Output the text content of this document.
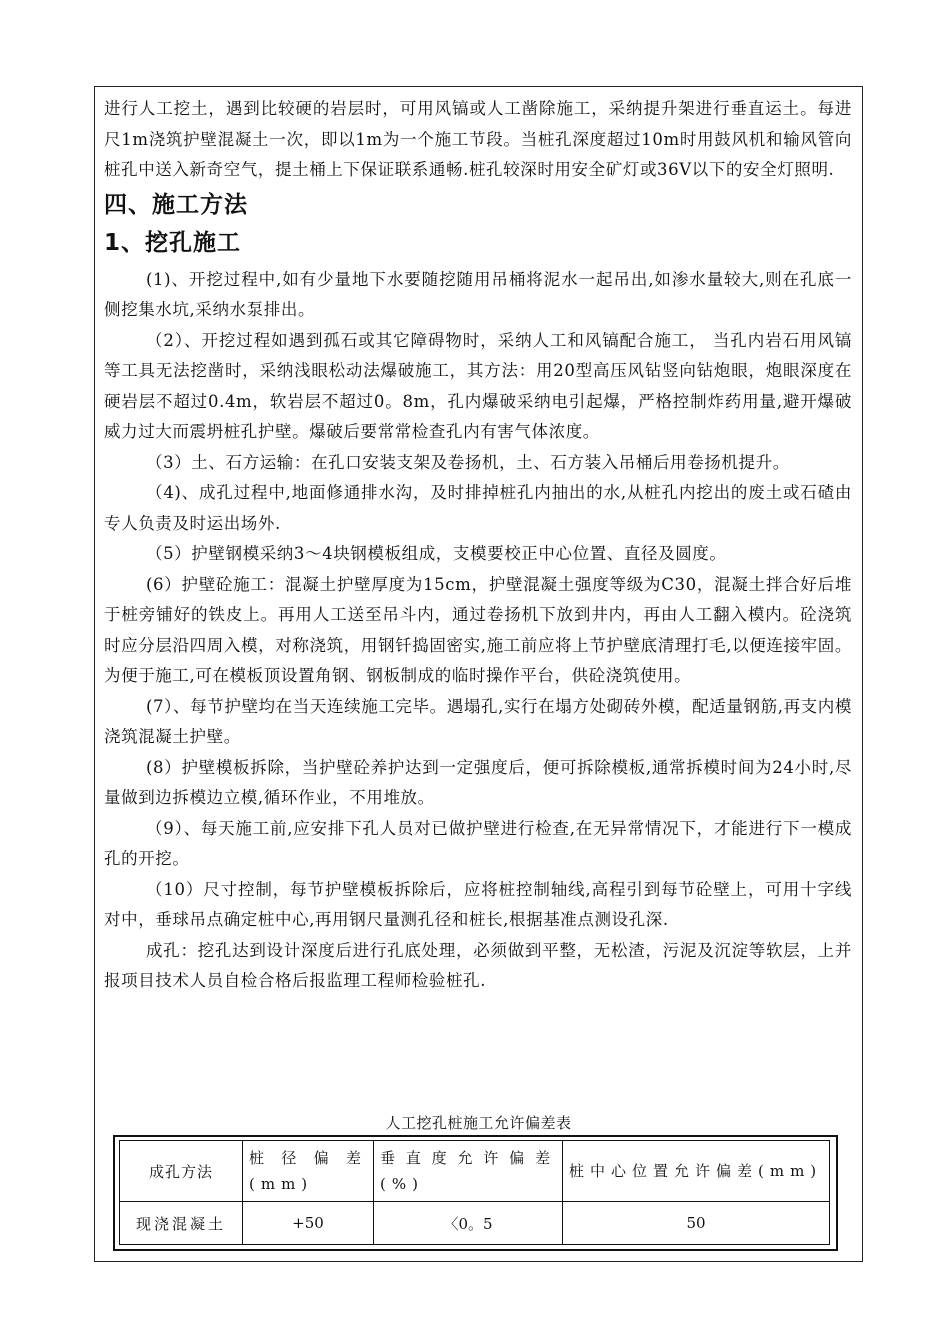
进行人工挖土，遇到比较硬的岩层时，可用风镐或人工凿除施工，采纳提升架进行垂直运土。每进尺1m浇筑护壁混凝土一次，即以1m为一个施工节段。当桩孔深度超过10m时用鼓风机和输风管向桩孔中送入新奇空气，提土桶上下保证联系通畅.桩孔较深时用安全矿灯或36V以下的安全灯照明.

四、施工方法
1、挖孔施工

(1)、开挖过程中,如有少量地下水要随挖随用吊桶将泥水一起吊出,如渗水量较大,则在孔底一侧挖集水坑,采纳水泵排出。

（2）、开挖过程如遇到孤石或其它障碍物时，采纳人工和风镐配合施工， 当孔内岩石用风镐等工具无法挖凿时，采纳浅眼松动法爆破施工，其方法：用20型高压风钻竖向钻炮眼，炮眼深度在硬岩层不超过0.4m，软岩层不超过0。8m，孔内爆破采纳电引起爆，严格控制炸药用量,避开爆破威力过大而震坍桩孔护壁。爆破后要常常检查孔内有害气体浓度。

（3）土、石方运输：在孔口安装支架及卷扬机，土、石方装入吊桶后用卷扬机提升。

（4)、成孔过程中,地面修通排水沟，及时排掉桩孔内抽出的水,从桩孔内挖出的废土或石碴由专人负责及时运出场外.

（5）护壁钢模采纳3～4块钢模板组成，支模要校正中心位置、直径及圆度。

(6）护壁砼施工：混凝土护壁厚度为15cm，护壁混凝土强度等级为C30，混凝土拌合好后堆于桩旁铺好的铁皮上。再用人工送至吊斗内，通过卷扬机下放到井内，再由人工翻入模内。砼浇筑时应分层沿四周入模，对称浇筑，用钢钎捣固密实,施工前应将上节护壁底清理打毛,以便连接牢固。为便于施工,可在模板顶设置角钢、钢板制成的临时操作平台，供砼浇筑使用。

(7）、每节护壁均在当天连续施工完毕。遇塌孔,实行在塌方处砌砖外模，配适量钢筋,再支内模浇筑混凝土护壁。

(8）护壁模板拆除，当护壁砼养护达到一定强度后，便可拆除模板,通常拆模时间为24小时,尽量做到边拆模边立模,循环作业，不用堆放。

（9）、每天施工前,应安排下孔人员对已做护壁进行检查,在无异常情况下，才能进行下一模成孔的开挖。

（10）尺寸控制，每节护壁模板拆除后，应将桩控制轴线,高程引到每节砼壁上，可用十字线对中，垂球吊点确定桩中心,再用钢尺量测孔径和桩长,根据基准点测设孔深.

成孔：挖孔达到设计深度后进行孔底处理，必须做到平整，无松渣，污泥及沉淀等软层，上并报项目技术人员自检合格后报监理工程师检验桩孔.

人工挖孔桩施工允许偏差表
成孔方法	桩径偏差(mm)	垂直度允许偏差(%)	桩中心位置允许偏差(mm)
现浇混凝土	+50	〈0。5	50
